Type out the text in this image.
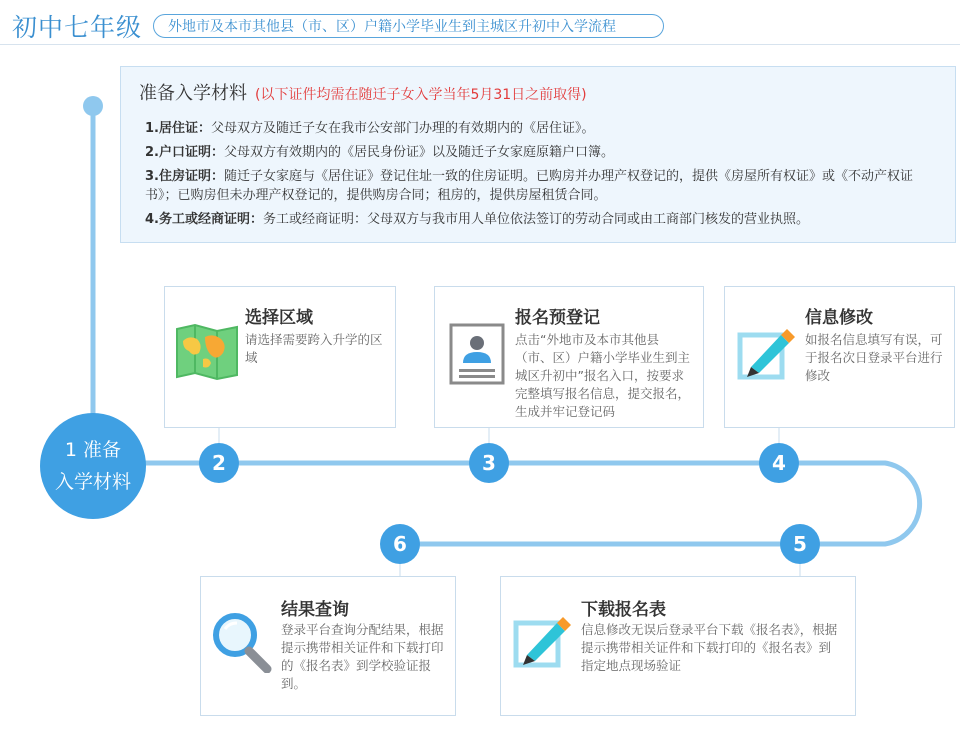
初中七年级	外地市及本市其他县（市、区）户籍小学毕业生到主城区升初中入学流程
准备入学材料 (以下证件均需在随迁子女入学当年5月31日之前取得)
1.居住证：父母双方及随迁子女在我市公安部门办理的有效期内的《居住证》。
2.户口证明：父母双方有效期内的《居民身份证》以及随迁子女家庭原籍户口簿。
3.住房证明：随迁子女家庭与《居住证》登记住址一致的住房证明。已购房并办理产权登记的，提供《房屋所有权证》或《不动产权证书》；已购房但未办理产权登记的，提供购房合同；租房的，提供房屋租赁合同。
4.务工或经商证明：务工或经商证明：父母双方与我市用人单位依法签订的劳动合同或由工商部门核发的营业执照。
选择区域
请选择需要跨入升学的区域
报名预登记
点击“外地市及本市其他县（市、区）户籍小学毕业生到主城区升初中”报名入口，按要求完整填写报名信息，提交报名，生成并牢记登记码
信息修改
如报名信息填写有误，可于报名次日登录平台进行修改
结果查询
登录平台查询分配结果，根据提示携带相关证件和下载打印的《报名表》到学校验证报到。
下载报名表
信息修改无误后登录平台下载《报名表》，根据提示携带相关证件和下载打印的《报名表》到指定地点现场验证
1 准备
入学材料
2	3	4
5
6
